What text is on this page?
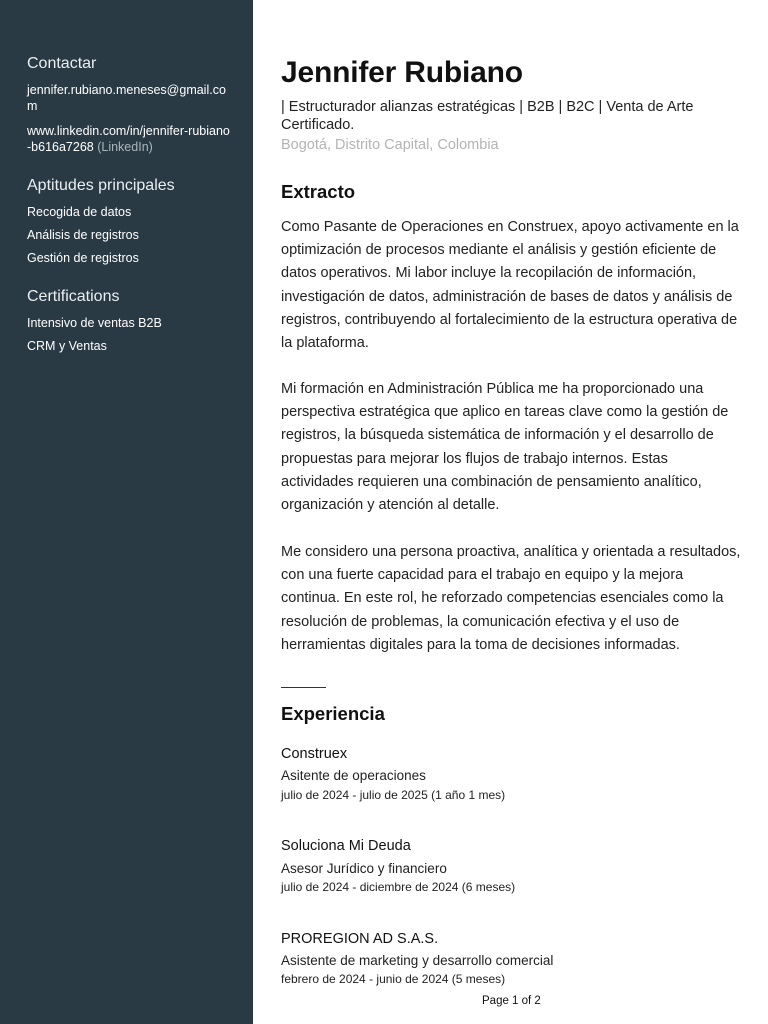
Contactar
jennifer.rubiano.meneses@gmail.com
www.linkedin.com/in/jennifer-rubiano-b616a7268 (LinkedIn)
Aptitudes principales
Recogida de datos
Análisis de registros
Gestión de registros
Certifications
Intensivo de ventas B2B
CRM y Ventas
Jennifer Rubiano
| Estructurador alianzas estratégicas | B2B | B2C | Venta de Arte Certificado.
Bogotá, Distrito Capital, Colombia
Extracto

Como Pasante de Operaciones en Construex, apoyo activamente en la optimización de procesos mediante el análisis y gestión eficiente de datos operativos. Mi labor incluye la recopilación de información, investigación de datos, administración de bases de datos y análisis de registros, contribuyendo al fortalecimiento de la estructura operativa de la plataforma.

Mi formación en Administración Pública me ha proporcionado una perspectiva estratégica que aplico en tareas clave como la gestión de registros, la búsqueda sistemática de información y el desarrollo de propuestas para mejorar los flujos de trabajo internos. Estas actividades requieren una combinación de pensamiento analítico, organización y atención al detalle.

Me considero una persona proactiva, analítica y orientada a resultados, con una fuerte capacidad para el trabajo en equipo y la mejora continua. En este rol, he reforzado competencias esenciales como la resolución de problemas, la comunicación efectiva y el uso de herramientas digitales para la toma de decisiones informadas.

Experiencia
Construex
Asitente de operaciones
julio de 2024 - julio de 2025 (1 año 1 mes)
Soluciona Mi Deuda
Asesor Jurídico y financiero
julio de 2024 - diciembre de 2024 (6 meses)
PROREGION AD S.A.S.
Asistente de marketing y desarrollo comercial
febrero de 2024 - junio de 2024 (5 meses)
Page 1 of 2
